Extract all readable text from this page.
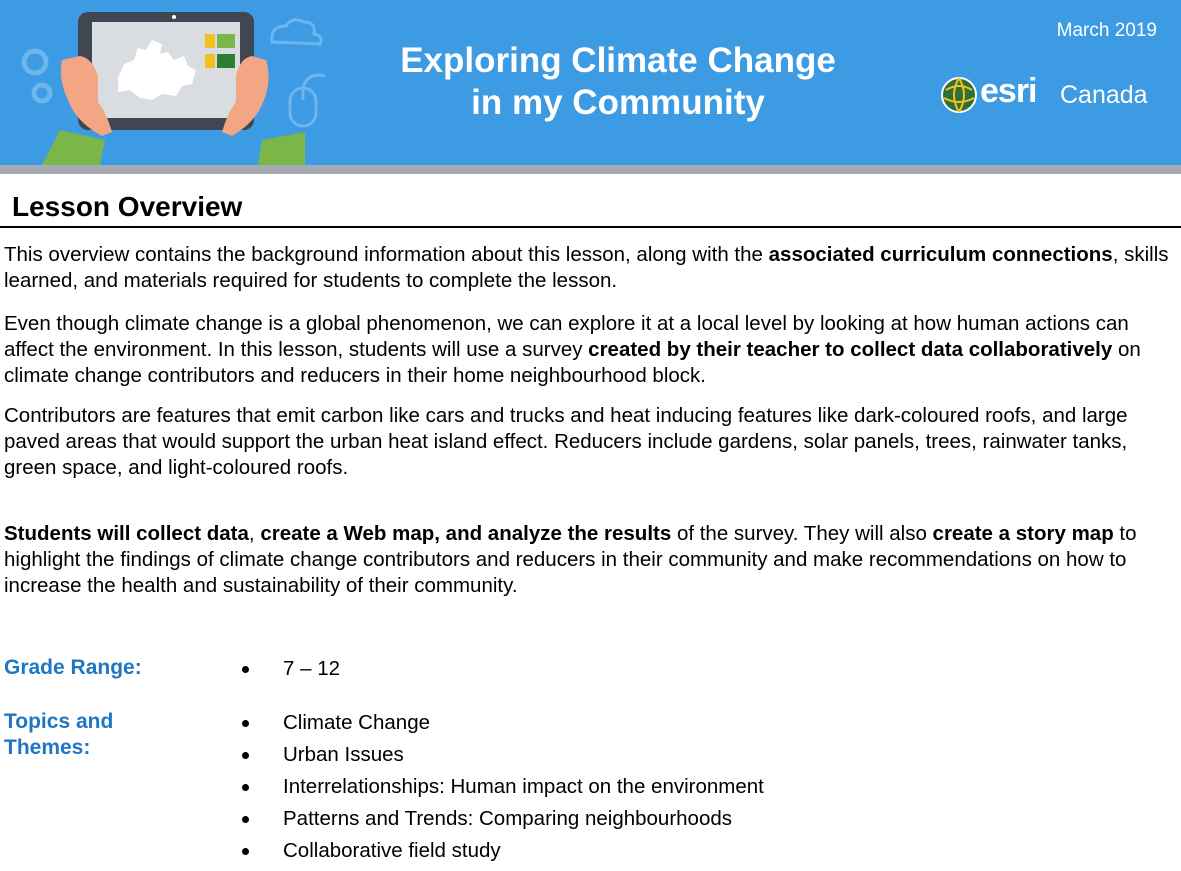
Exploring Climate Change
in my Community
March 2019
esri Canada
Lesson Overview

This overview contains the background information about this lesson, along with the associated curriculum connections, skills learned, and materials required for students to complete the lesson.

Even though climate change is a global phenomenon, we can explore it at a local level by looking at how human actions can affect the environment. In this lesson, students will use a survey created by their teacher to collect data collaboratively on climate change contributors and reducers in their home neighbourhood block.

Contributors are features that emit carbon like cars and trucks and heat inducing features like dark-coloured roofs, and large paved areas that would support the urban heat island effect. Reducers include gardens, solar panels, trees, rainwater tanks, green space, and light-coloured roofs.

Students will collect data, create a Web map, and analyze the results of the survey. They will also create a story map to highlight the findings of climate change contributors and reducers in their community and make recommendations on how to increase the health and sustainability of their community.

Grade Range:	7 – 12
Topics and
Themes:
Climate Change
Urban Issues
Interrelationships: Human impact on the environment
Patterns and Trends: Comparing neighbourhoods
Collaborative field study
